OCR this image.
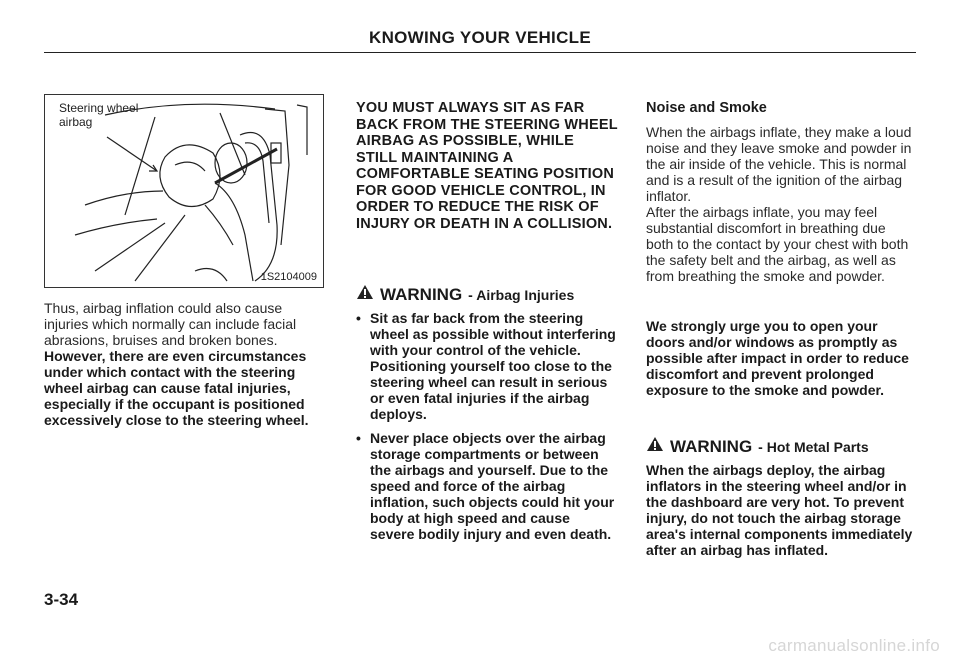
KNOWING YOUR VEHICLE
Steering wheel
airbag
1S2104009

Thus, airbag inflation could also cause injuries which normally can include facial abrasions, bruises and broken bones. However, there are even circumstances under which contact with the steering wheel airbag can cause fatal injuries, especially if the occupant is positioned excessively close to the steering wheel.

YOU MUST ALWAYS SIT AS FAR BACK FROM THE STEERING WHEEL AIRBAG AS POSSIBLE, WHILE STILL MAINTAINING A COMFORTABLE SEATING POSITION FOR GOOD VEHICLE CONTROL, IN ORDER TO REDUCE THE RISK OF INJURY OR DEATH IN A COLLISION.

WARNING - Airbag Injuries
• Sit as far back from the steering wheel as possible without interfering with your control of the vehicle. Positioning yourself too close to the steering wheel can result in serious or even fatal injuries if the airbag deploys.
• Never place objects over the airbag storage compartments or between the airbags and yourself. Due to the speed and force of the airbag inflation, such objects could hit your body at high speed and cause severe bodily injury and even death.
Noise and Smoke

When the airbags inflate, they make a loud noise and they leave smoke and powder in the air inside of the vehicle. This is normal and is a result of the ignition of the airbag inflator.

After the airbags inflate, you may feel substantial discomfort in breathing due both to the contact by your chest with both the safety belt and the airbag, as well as from breathing the smoke and powder.

We strongly urge you to open your doors and/or windows as promptly as possible after impact in order to reduce discomfort and prevent prolonged exposure to the smoke and powder.

WARNING - Hot Metal Parts

When the airbags deploy, the airbag inflators in the steering wheel and/or in the dashboard are very hot. To prevent injury, do not touch the airbag storage area's internal components immediately after an airbag has inflated.

3-34
carmanualsonline.info
